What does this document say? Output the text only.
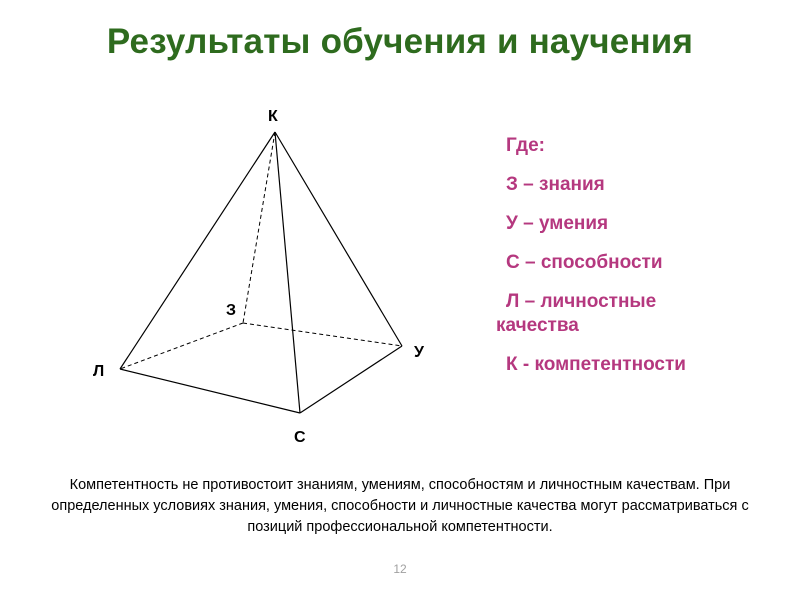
Результаты обучения и научения
К
З
У
Л
С
Где:
З – знания
У – умения
С – способности
Л – личностные качества
К - компетентности
Компетентность не противостоит знаниям, умениям, способностям и личностным качествам. При определенных условиях знания, умения, способности и личностные качества могут рассматриваться с позиций профессиональной компетентности.
12
